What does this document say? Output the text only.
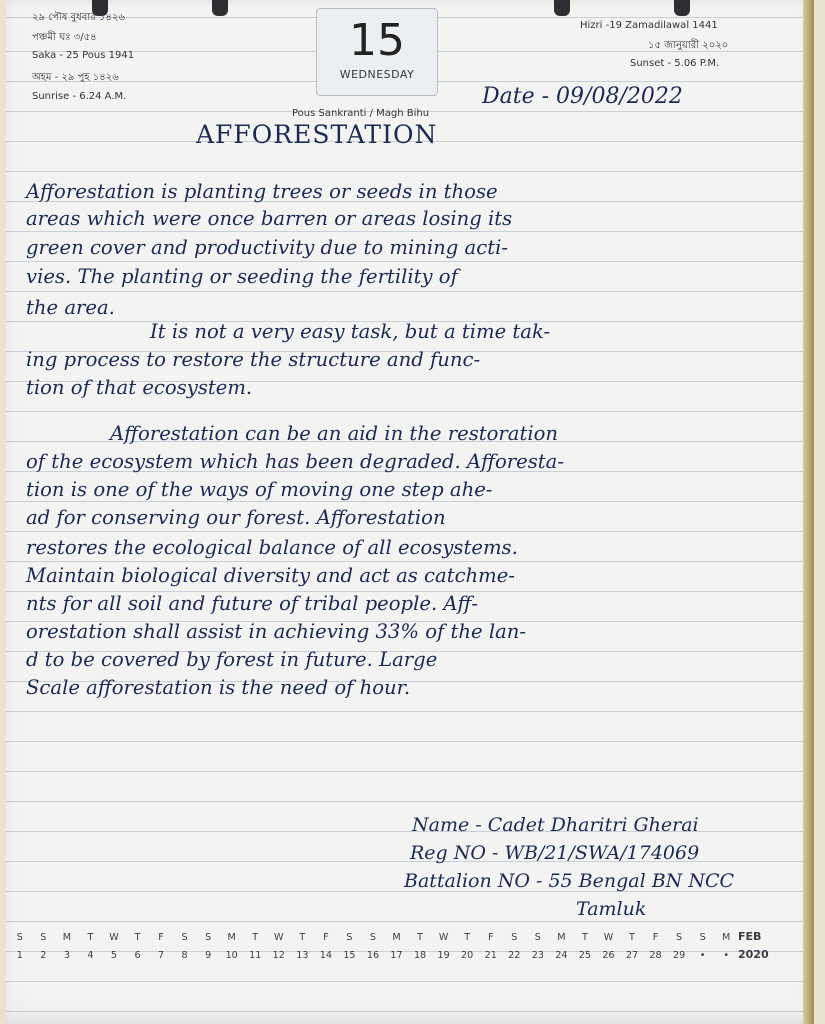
২৯ পৌষ বুধবার ১৪২৬
পঞ্চমী ঘঃ ৩/৫৪
Saka - 25 Pous 1941
অহম - ২৯ পুহ ১৪২৬
Sunrise - 6.24 A.M.
15
WEDNESDAY
Pous Sankranti / Magh Bihu
Hizri -19 Zamadilawal 1441
১৫ জানুয়ারী ২০২০
Sunset - 5.06 P.M.
Date - 09/08/2022
AFFORESTATION
Afforestation is planting trees or seeds in those
areas which were once barren or areas losing its
green cover and productivity due to mining acti-
vies. The planting or seeding the fertility of
the area.
It is not a very easy task, but a time tak-
ing process to restore the structure and func-
tion of that ecosystem.
Afforestation can be an aid in the restoration
of the ecosystem which has been degraded. Afforesta-
tion is one of the ways of moving one step ahe-
ad for conserving our forest. Afforestation
restores the ecological balance of all ecosystems.
Maintain biological diversity and act as catchme-
nts for all soil and future of tribal people. Aff-
orestation shall assist in achieving 33% of the lan-
d to be covered by forest in future. Large
Scale afforestation is the need of hour.
Name - Cadet Dharitri Gherai
Reg NO - WB/21/SWA/174069
Battalion NO - 55 Bengal BN NCC
Tamluk
S	S	M	T	W	T	F	S	S	M	T	W	T	F	S	S	M	T	W	T	F	S	S	M	T	W	T	F	S	S	M
1	2	3	4	5	6	7	8	9	10	11	12	13	14	15	16	17	18	19	20	21	22	23	24	25	26	27	28	29	•	•
FEB
2020
